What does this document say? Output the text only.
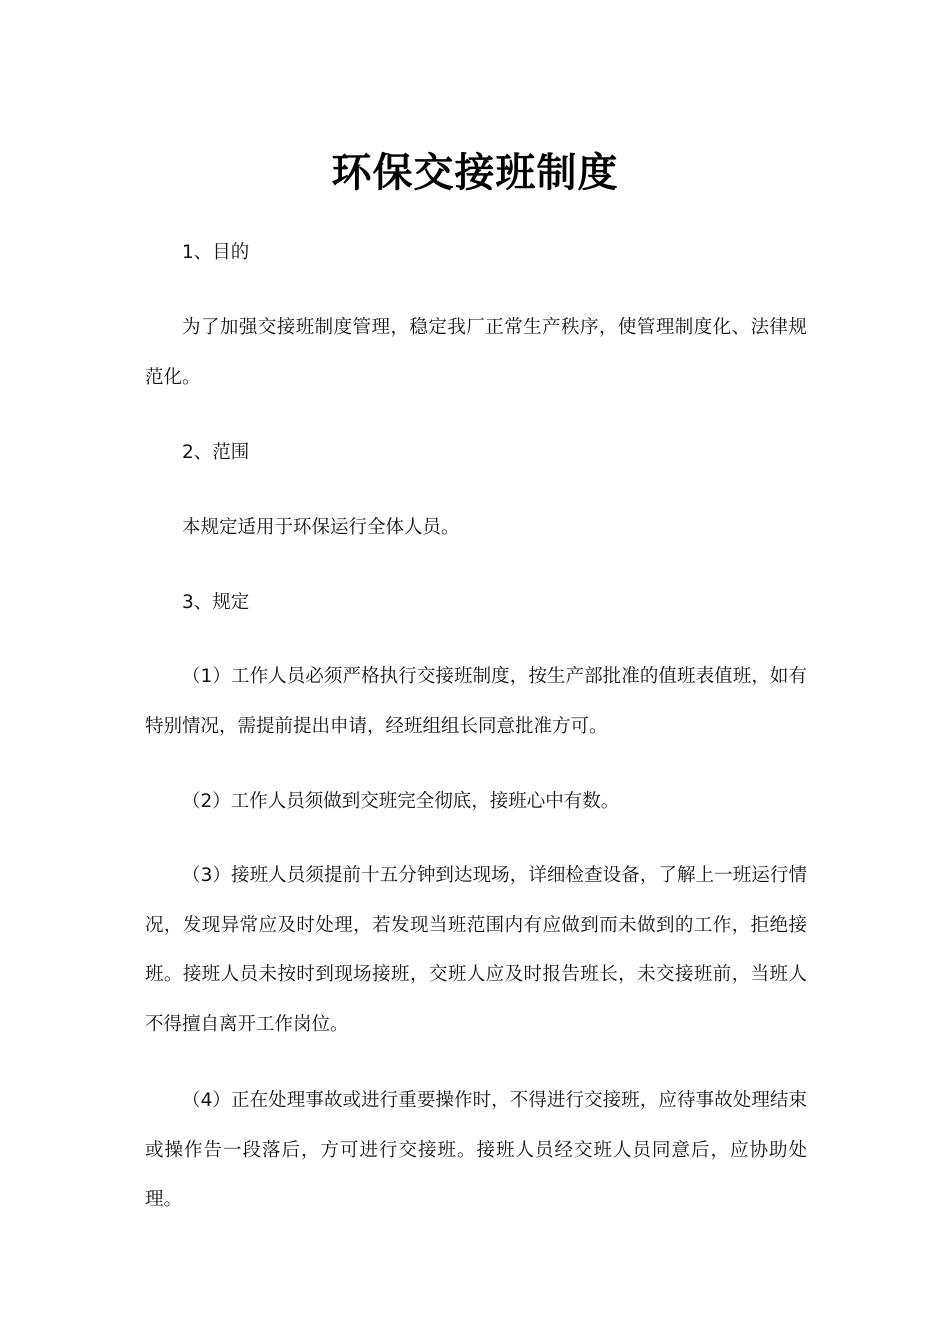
环保交接班制度
1、目的

为了加强交接班制度管理，稳定我厂正常生产秩序，使管理制度化、法律规范化。

2、范围

本规定适用于环保运行全体人员。

3、规定

（1）工作人员必须严格执行交接班制度，按生产部批准的值班表值班，如有特别情况，需提前提出申请，经班组组长同意批准方可。

（2）工作人员须做到交班完全彻底，接班心中有数。

（3）接班人员须提前十五分钟到达现场，详细检查设备，了解上一班运行情况，发现异常应及时处理，若发现当班范围内有应做到而未做到的工作，拒绝接班。接班人员未按时到现场接班，交班人应及时报告班长，未交接班前，当班人不得擅自离开工作岗位。

（4）正在处理事故或进行重要操作时，不得进行交接班，应待事故处理结束或操作告一段落后，方可进行交接班。接班人员经交班人员同意后，应协助处理。
